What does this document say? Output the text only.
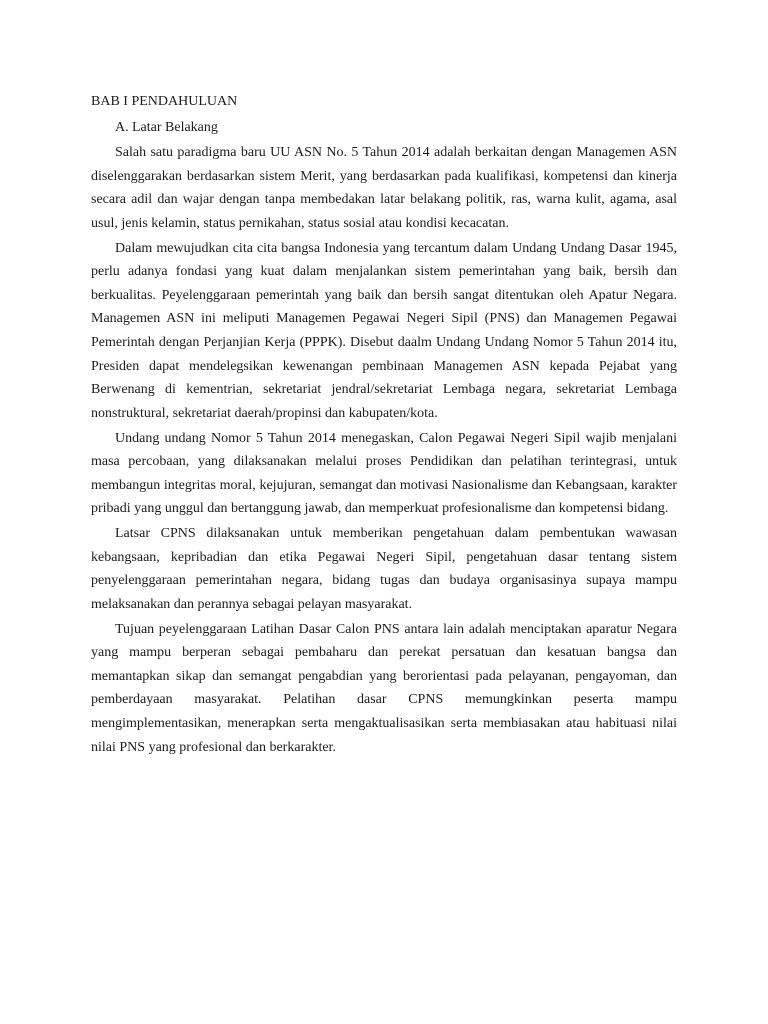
BAB I PENDAHULUAN

A. Latar Belakang

Salah satu paradigma baru UU ASN No. 5 Tahun 2014 adalah berkaitan dengan Managemen ASN diselenggarakan berdasarkan sistem Merit, yang berdasarkan pada kualifikasi, kompetensi dan kinerja secara adil dan wajar dengan tanpa membedakan latar belakang politik, ras, warna kulit, agama, asal usul, jenis kelamin, status pernikahan, status sosial atau kondisi kecacatan.

Dalam mewujudkan cita cita bangsa Indonesia yang tercantum dalam Undang Undang Dasar 1945, perlu adanya fondasi yang kuat dalam menjalankan sistem pemerintahan yang baik, bersih dan berkualitas. Peyelenggaraan pemerintah yang baik dan bersih sangat ditentukan oleh Apatur Negara. Managemen ASN ini meliputi Managemen Pegawai Negeri Sipil (PNS) dan Managemen Pegawai Pemerintah dengan Perjanjian Kerja (PPPK). Disebut daalm Undang Undang Nomor 5 Tahun 2014 itu, Presiden dapat mendelegsikan kewenangan pembinaan Managemen ASN kepada Pejabat yang Berwenang di kementrian, sekretariat jendral/sekretariat Lembaga negara, sekretariat Lembaga nonstruktural, sekretariat daerah/propinsi dan kabupaten/kota.

Undang undang Nomor 5 Tahun 2014 menegaskan, Calon Pegawai Negeri Sipil wajib menjalani masa percobaan, yang dilaksanakan melalui proses Pendidikan dan pelatihan terintegrasi, untuk membangun integritas moral, kejujuran, semangat dan motivasi Nasionalisme dan Kebangsaan, karakter pribadi yang unggul dan bertanggung jawab, dan memperkuat profesionalisme dan kompetensi bidang.

Latsar CPNS dilaksanakan untuk memberikan pengetahuan dalam pembentukan wawasan kebangsaan, kepribadian dan etika Pegawai Negeri Sipil, pengetahuan dasar tentang sistem penyelenggaraan pemerintahan negara, bidang tugas dan budaya organisasinya supaya mampu melaksanakan dan perannya sebagai pelayan masyarakat.

Tujuan peyelenggaraan Latihan Dasar Calon PNS antara lain adalah menciptakan aparatur Negara yang mampu berperan sebagai pembaharu dan perekat persatuan dan kesatuan bangsa dan memantapkan sikap dan semangat pengabdian yang berorientasi pada pelayanan, pengayoman, dan pemberdayaan masyarakat. Pelatihan dasar CPNS memungkinkan peserta mampu mengimplementasikan, menerapkan serta mengaktualisasikan serta membiasakan atau habituasi nilai nilai PNS yang profesional dan berkarakter.
